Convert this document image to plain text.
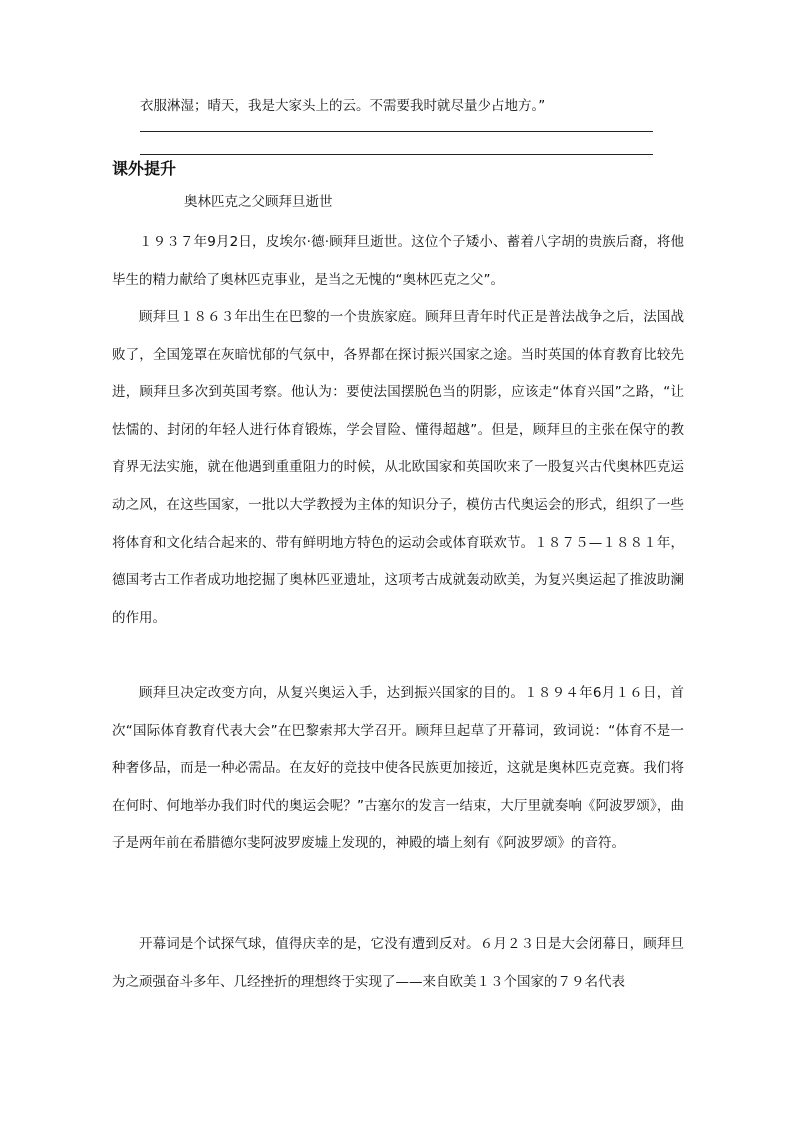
衣服淋湿；晴天，我是大家头上的云。不需要我时就尽量少占地方。”
课外提升
奥林匹克之父顾拜旦逝世

１９３７年9月2日，皮埃尔·德·顾拜旦逝世。这位个子矮小、蓄着八字胡的贵族后裔，将他毕生的精力献给了奥林匹克事业，是当之无愧的“奥林匹克之父”。

顾拜旦１８６３年出生在巴黎的一个贵族家庭。顾拜旦青年时代正是普法战争之后，法国战败了，全国笼罩在灰暗忧郁的气氛中，各界都在探讨振兴国家之途。当时英国的体育教育比较先进，顾拜旦多次到英国考察。他认为：要使法国摆脱色当的阴影，应该走“体育兴国”之路，“让怯懦的、封闭的年轻人进行体育锻炼，学会冒险、懂得超越”。但是，顾拜旦的主张在保守的教育界无法实施，就在他遇到重重阻力的时候，从北欧国家和英国吹来了一股复兴古代奥林匹克运动之风，在这些国家，一批以大学教授为主体的知识分子，模仿古代奥运会的形式，组织了一些将体育和文化结合起来的、带有鲜明地方特色的运动会或体育联欢节。１８７５—１８８１年，德国考古工作者成功地挖掘了奥林匹亚遗址，这项考古成就轰动欧美，为复兴奥运起了推波助澜的作用。

顾拜旦决定改变方向，从复兴奥运入手，达到振兴国家的目的。１８９４年6月１６日，首次“国际体育教育代表大会”在巴黎索邦大学召开。顾拜旦起草了开幕词，致词说：“体育不是一种奢侈品，而是一种必需品。在友好的竞技中使各民族更加接近，这就是奥林匹克竞赛。我们将在何时、何地举办我们时代的奥运会呢？”古塞尔的发言一结束，大厅里就奏响《阿波罗颂》，曲子是两年前在希腊德尔斐阿波罗废墟上发现的，神殿的墙上刻有《阿波罗颂》的音符。

开幕词是个试探气球，值得庆幸的是，它没有遭到反对。６月２３日是大会闭幕日，顾拜旦为之顽强奋斗多年、几经挫折的理想终于实现了——来自欧美１３个国家的７９名代表
